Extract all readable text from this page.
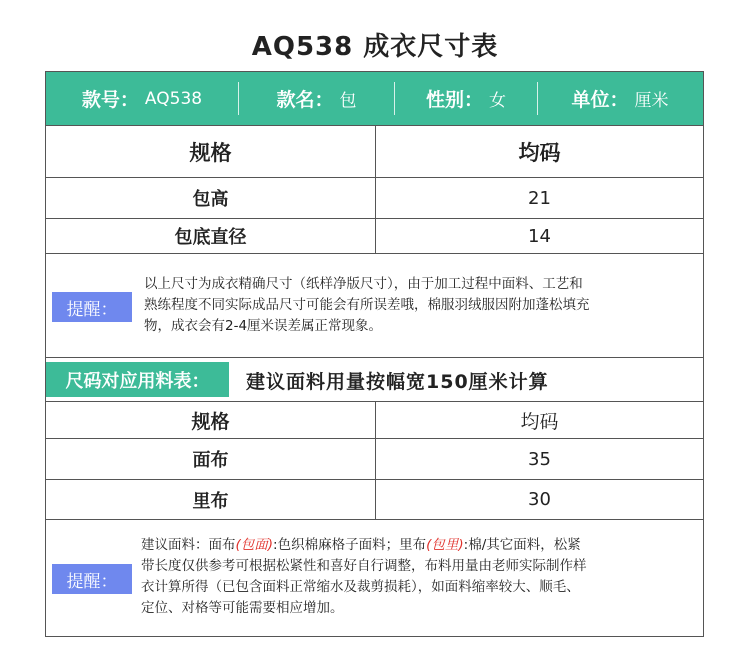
AQ538 成衣尺寸表
款号： AQ538	款名： 包	性别： 女	单位： 厘米
规格	均码
包高	21
包底直径	14
提醒：
以上尺寸为成衣精确尺寸（纸样净版尺寸），由于加工过程中面料、工艺和
熟练程度不同实际成品尺寸可能会有所误差哦，棉服羽绒服因附加蓬松填充
物，成衣会有2-4厘米误差属正常现象。
尺码对应用料表：	建议面料用量按幅宽150厘米计算
规格	均码
面布	35
里布	30
提醒：
建议面料：面布(包面):色织棉麻格子面料；里布(包里):棉/其它面料，松紧
带长度仅供参考可根据松紧性和喜好自行调整，布料用量由老师实际制作样
衣计算所得（已包含面料正常缩水及裁剪损耗），如面料缩率较大、顺毛、
定位、对格等可能需要相应增加。
